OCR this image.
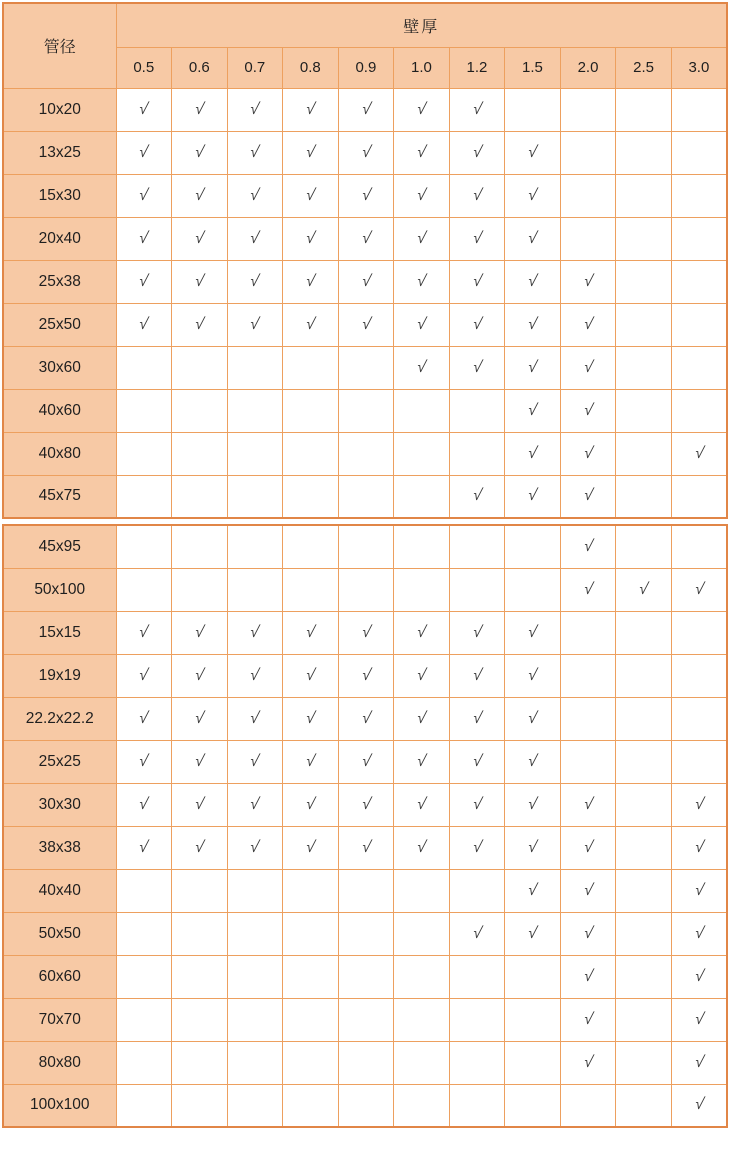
管径	壁厚										
	0.5	0.6	0.7	0.8	0.9	1.0	1.2	1.5	2.0	2.5	3.0
10x20	√	√	√	√	√	√	√				
13x25	√	√	√	√	√	√	√	√			
15x30	√	√	√	√	√	√	√	√			
20x40	√	√	√	√	√	√	√	√			
25x38	√	√	√	√	√	√	√	√	√		
25x50	√	√	√	√	√	√	√	√	√		
30x60						√	√	√	√		
40x60								√	√		
40x80								√	√		√
45x75							√	√	√		
45x95									√		
50x100									√	√	√
15x15	√	√	√	√	√	√	√	√			
19x19	√	√	√	√	√	√	√	√			
22.2x22.2	√	√	√	√	√	√	√	√			
25x25	√	√	√	√	√	√	√	√			
30x30	√	√	√	√	√	√	√	√	√		√
38x38	√	√	√	√	√	√	√	√	√		√
40x40								√	√		√
50x50							√	√	√		√
60x60									√		√
70x70									√		√
80x80									√		√
100x100											√
